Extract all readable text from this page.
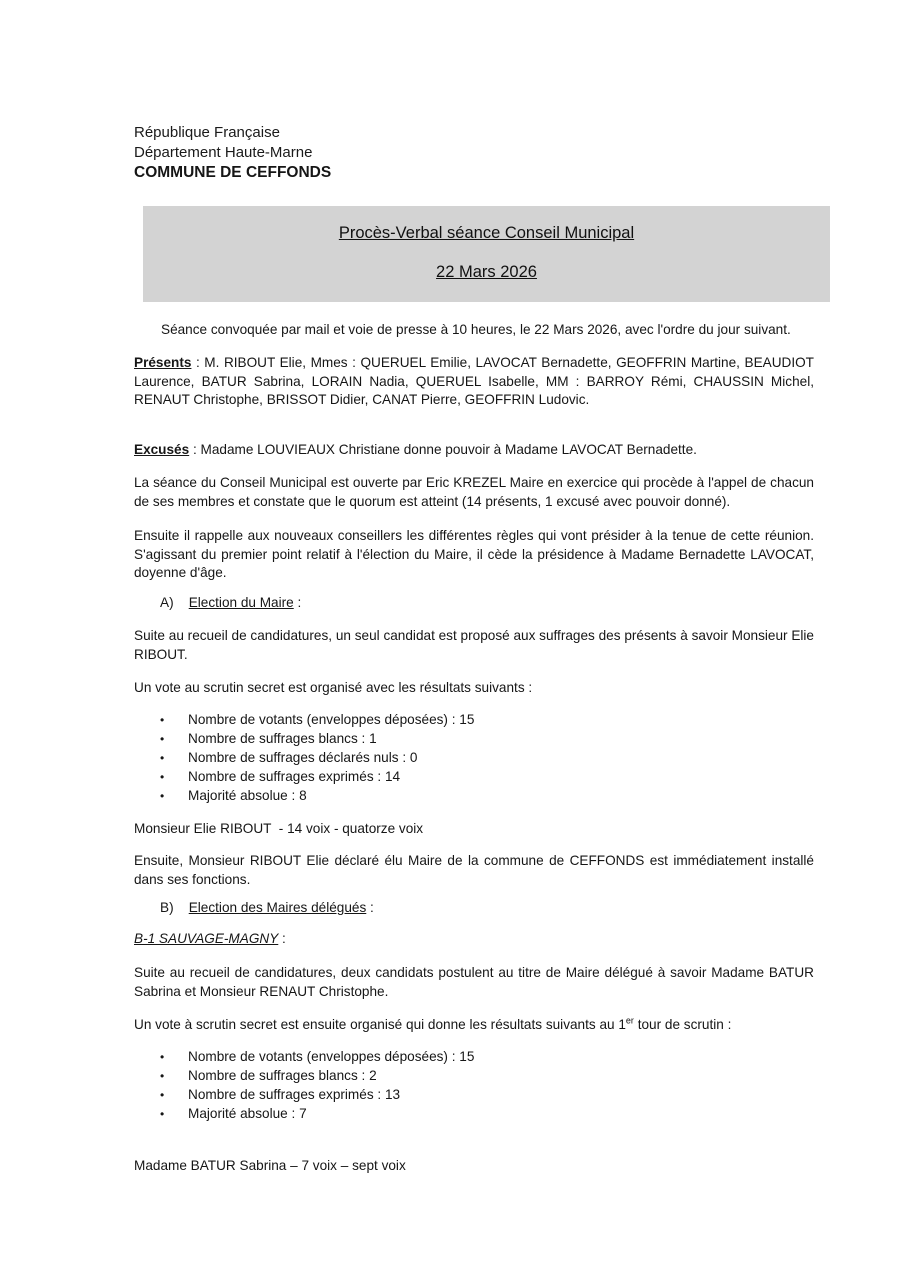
République Française
Département Haute-Marne
COMMUNE DE CEFFONDS
Procès-Verbal séance Conseil Municipal
22 Mars 2026
Séance convoquée par mail et voie de presse à 10 heures, le 22 Mars 2026, avec l'ordre du jour suivant.
Présents : M. RIBOUT Elie, Mmes : QUERUEL Emilie, LAVOCAT Bernadette, GEOFFRIN Martine, BEAUDIOT Laurence, BATUR Sabrina, LORAIN Nadia, QUERUEL Isabelle, MM : BARROY Rémi, CHAUSSIN Michel, RENAUT Christophe, BRISSOT Didier, CANAT Pierre, GEOFFRIN Ludovic.
Excusés : Madame LOUVIEAUX Christiane donne pouvoir à Madame LAVOCAT Bernadette.
La séance du Conseil Municipal est ouverte par Eric KREZEL Maire en exercice qui procède à l'appel de chacun de ses membres et constate que le quorum est atteint (14 présents, 1 excusé avec pouvoir donné).
Ensuite il rappelle aux nouveaux conseillers les différentes règles qui vont présider à la tenue de cette réunion. S'agissant du premier point relatif à l'élection du Maire, il cède la présidence à Madame Bernadette LAVOCAT, doyenne d'âge.
A) Election du Maire :
Suite au recueil de candidatures, un seul candidat est proposé aux suffrages des présents à savoir Monsieur Elie RIBOUT.
Un vote au scrutin secret est organisé avec les résultats suivants :
•	Nombre de votants (enveloppes déposées) : 15
•	Nombre de suffrages blancs : 1
•	Nombre de suffrages déclarés nuls : 0
•	Nombre de suffrages exprimés : 14
•	Majorité absolue : 8
Monsieur Elie RIBOUT  - 14 voix - quatorze voix
Ensuite, Monsieur RIBOUT Elie déclaré élu Maire de la commune de CEFFONDS est immédiatement installé dans ses fonctions.
B) Election des Maires délégués :
B-1 SAUVAGE-MAGNY :
Suite au recueil de candidatures, deux candidats postulent au titre de Maire délégué à savoir Madame BATUR Sabrina et Monsieur RENAUT Christophe.
Un vote à scrutin secret est ensuite organisé qui donne les résultats suivants au 1er tour de scrutin :
•	Nombre de votants (enveloppes déposées) : 15
•	Nombre de suffrages blancs : 2
•	Nombre de suffrages exprimés : 13
•	Majorité absolue : 7
Madame BATUR Sabrina – 7 voix – sept voix
